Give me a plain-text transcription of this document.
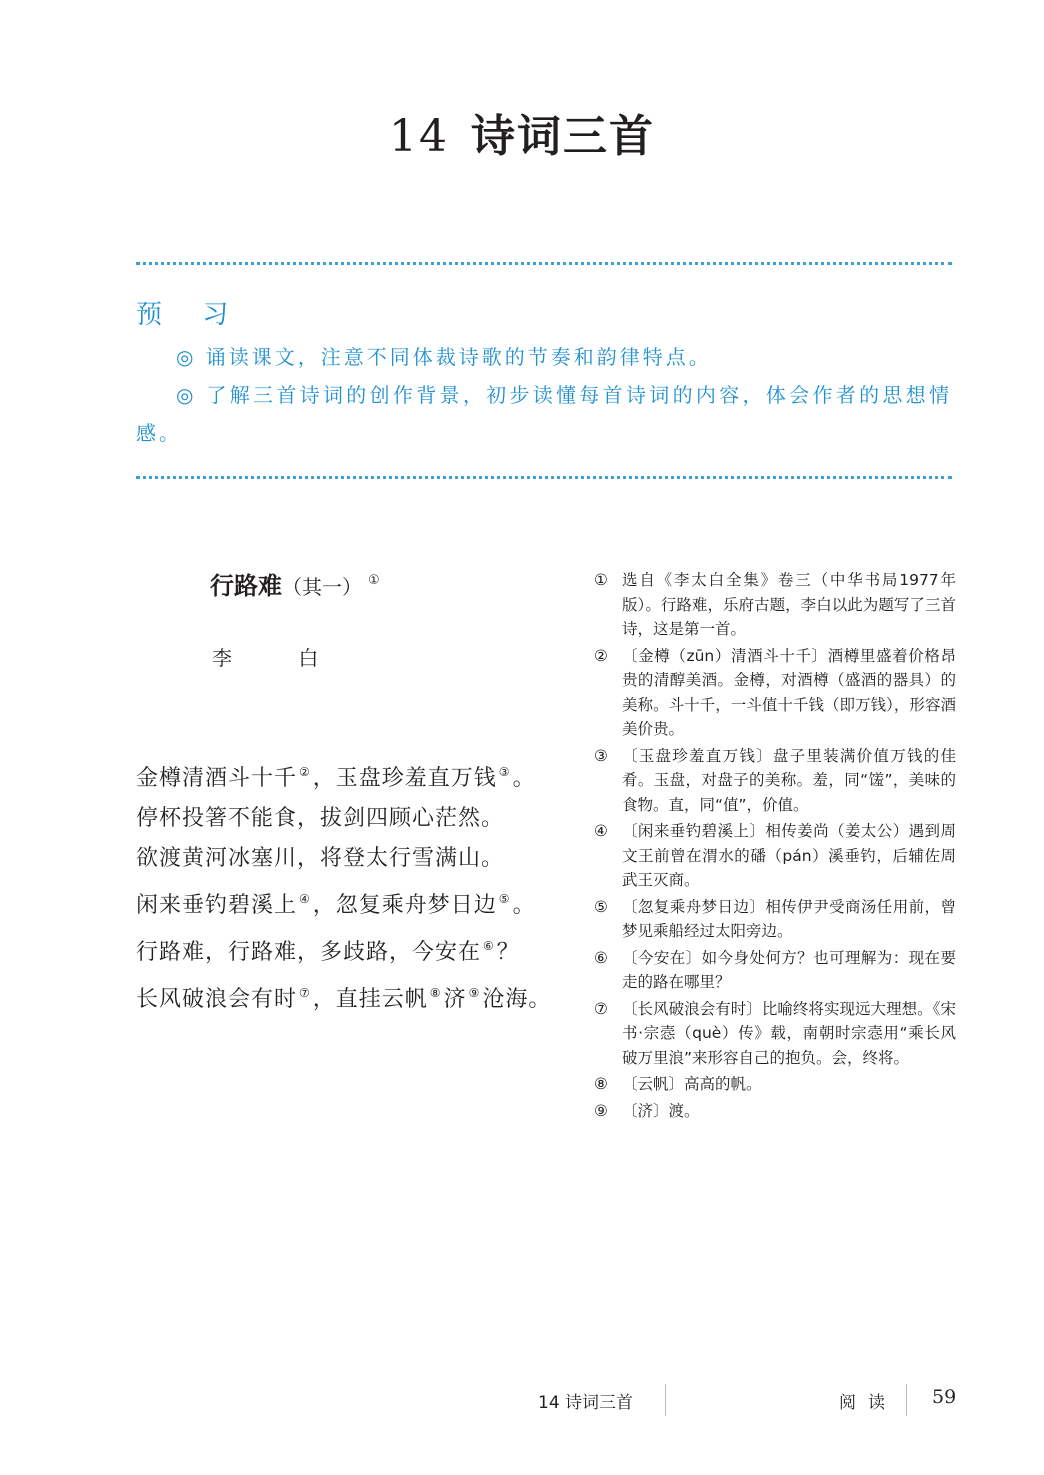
14 诗词三首
预 习

◎ 诵读课文，注意不同体裁诗歌的节奏和韵律特点。

◎ 了解三首诗词的创作背景，初步读懂每首诗词的内容，体会作者的思想情感。

行路难（其一） ①
李 白
金樽清酒斗十千 ②，玉盘珍羞直万钱 ③。
停杯投箸不能食，拔剑四顾心茫然。
欲渡黄河冰塞川，将登太行雪满山。
闲来垂钓碧溪上 ④，忽复乘舟梦日边 ⑤。
行路难，行路难，多歧路，今安在 ⑥？
长风破浪会有时 ⑦，直挂云帆 ⑧济 ⑨沧海。
① 选自《李太白全集》卷三（中华书局1977年版）。行路难，乐府古题，李白以此为题写了三首诗，这是第一首。
② 〔金樽（zūn）清酒斗十千〕酒樽里盛着价格昂贵的清醇美酒。金樽，对酒樽（盛酒的器具）的美称。斗十千，一斗值十千钱（即万钱），形容酒美价贵。
③ 〔玉盘珍羞直万钱〕盘子里装满价值万钱的佳肴。玉盘，对盘子的美称。羞，同“馐”，美味的食物。直，同“值”，价值。
④ 〔闲来垂钓碧溪上〕相传姜尚（姜太公）遇到周文王前曾在渭水的磻（pán）溪垂钓，后辅佐周武王灭商。
⑤ 〔忽复乘舟梦日边〕相传伊尹受商汤任用前，曾梦见乘船经过太阳旁边。
⑥ 〔今安在〕如今身处何方？也可理解为：现在要走的路在哪里？
⑦ 〔长风破浪会有时〕比喻终将实现远大理想。《宋书·宗悫（què）传》载，南朝时宗悫用“乘长风破万里浪”来形容自己的抱负。会，终将。
⑧ 〔云帆〕高高的帆。
⑨ 〔济〕渡。
14 诗词三首	阅读 59
